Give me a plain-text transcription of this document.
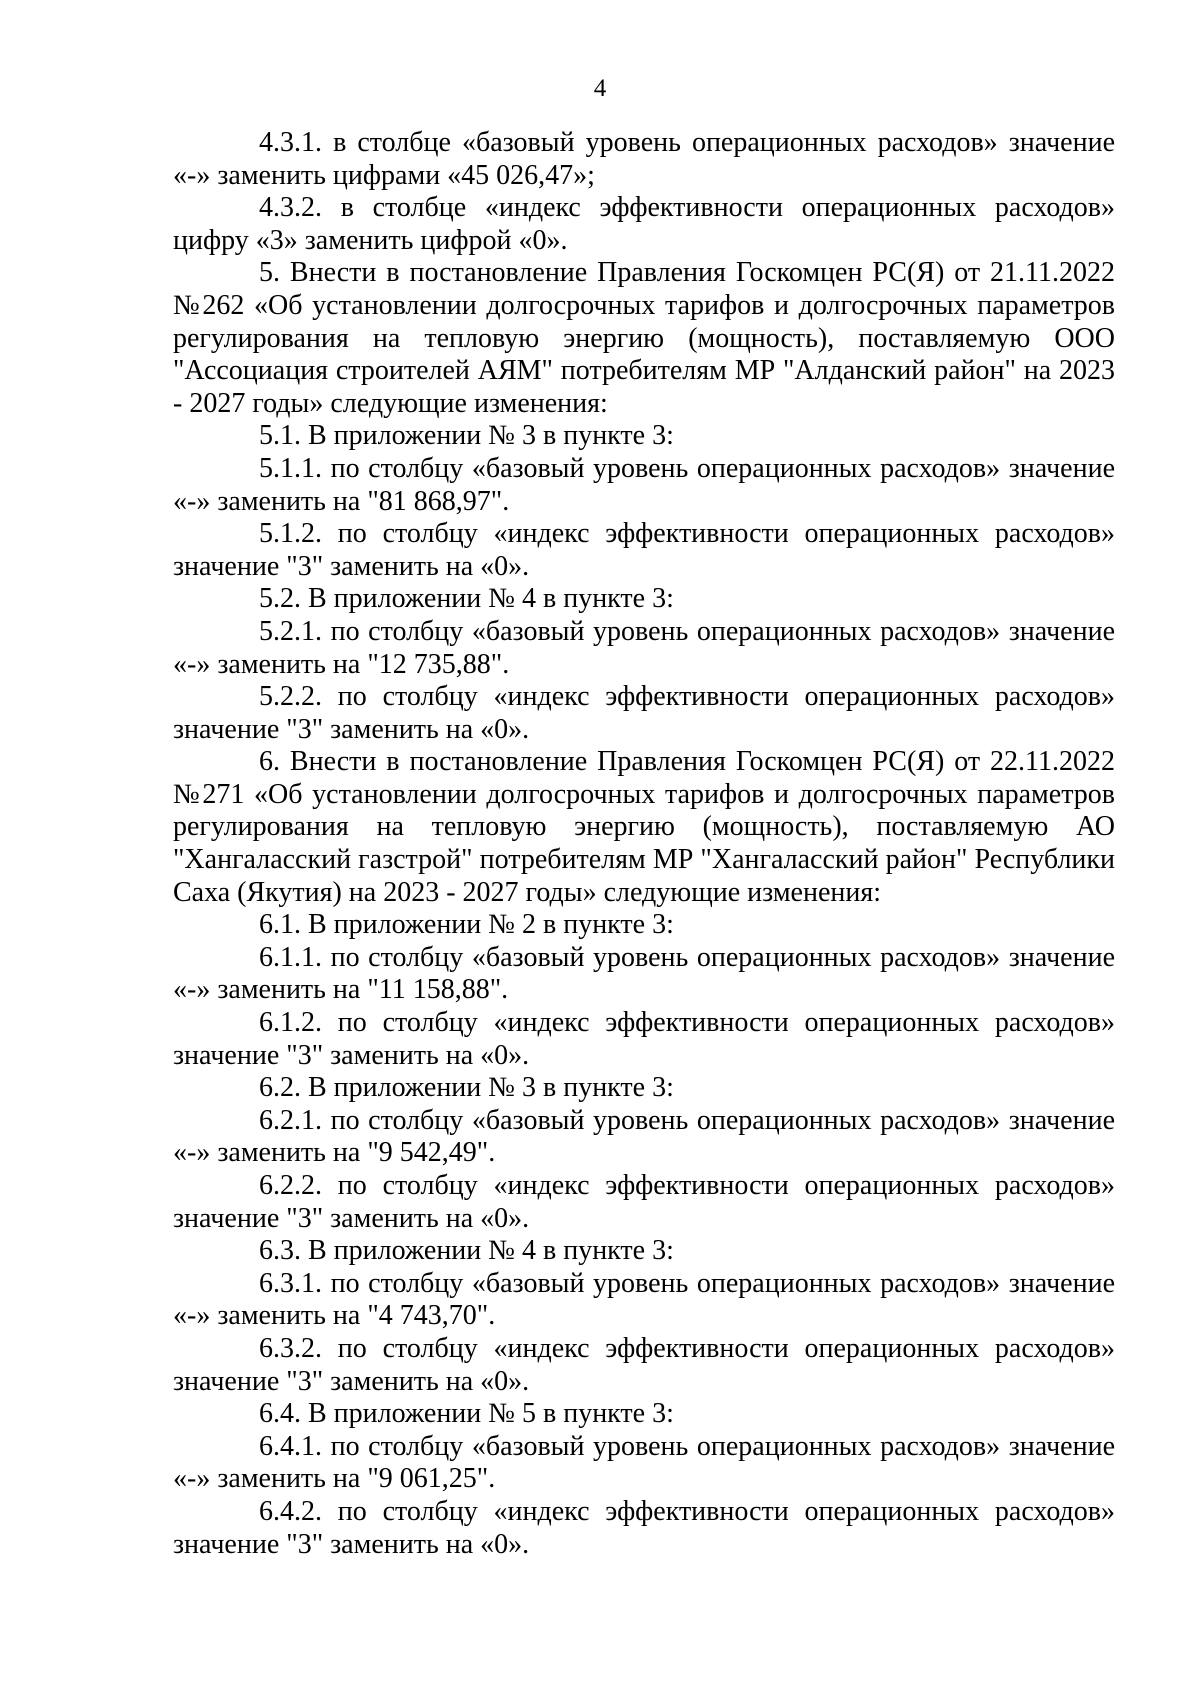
4

4.3.1. в столбце «базовый уровень операционных расходов» значение «-» заменить цифрами «45 026,47»;

4.3.2. в столбце «индекс эффективности операционных расходов» цифру «3» заменить цифрой «0».

5. Внести в постановление Правления Госкомцен РС(Я) от 21.11.2022 №262 «Об установлении долгосрочных тарифов и долгосрочных параметров регулирования на тепловую энергию (мощность), поставляемую ООО "Ассоциация строителей АЯМ" потребителям МР "Алданский район" на 2023 - 2027 годы» следующие изменения:

5.1. В приложении № 3 в пункте 3:

5.1.1. по столбцу «базовый уровень операционных расходов» значение «-» заменить на "81 868,97".

5.1.2. по столбцу «индекс эффективности операционных расходов» значение "3" заменить на «0».

5.2. В приложении № 4 в пункте 3:

5.2.1. по столбцу «базовый уровень операционных расходов» значение «-» заменить на "12 735,88".

5.2.2. по столбцу «индекс эффективности операционных расходов» значение "3" заменить на «0».

6. Внести в постановление Правления Госкомцен РС(Я) от 22.11.2022 №271 «Об установлении долгосрочных тарифов и долгосрочных параметров регулирования на тепловую энергию (мощность), поставляемую АО "Хангаласский газстрой" потребителям МР "Хангаласский район" Республики Саха (Якутия) на 2023 - 2027 годы» следующие изменения:

6.1. В приложении № 2 в пункте 3:

6.1.1. по столбцу «базовый уровень операционных расходов» значение «-» заменить на "11 158,88".

6.1.2. по столбцу «индекс эффективности операционных расходов» значение "3" заменить на «0».

6.2. В приложении № 3 в пункте 3:

6.2.1. по столбцу «базовый уровень операционных расходов» значение «-» заменить на "9 542,49".

6.2.2. по столбцу «индекс эффективности операционных расходов» значение "3" заменить на «0».

6.3. В приложении № 4 в пункте 3:

6.3.1. по столбцу «базовый уровень операционных расходов» значение «-» заменить на "4 743,70".

6.3.2. по столбцу «индекс эффективности операционных расходов» значение "3" заменить на «0».

6.4. В приложении № 5 в пункте 3:

6.4.1. по столбцу «базовый уровень операционных расходов» значение «-» заменить на "9 061,25".

6.4.2. по столбцу «индекс эффективности операционных расходов» значение "3" заменить на «0».
